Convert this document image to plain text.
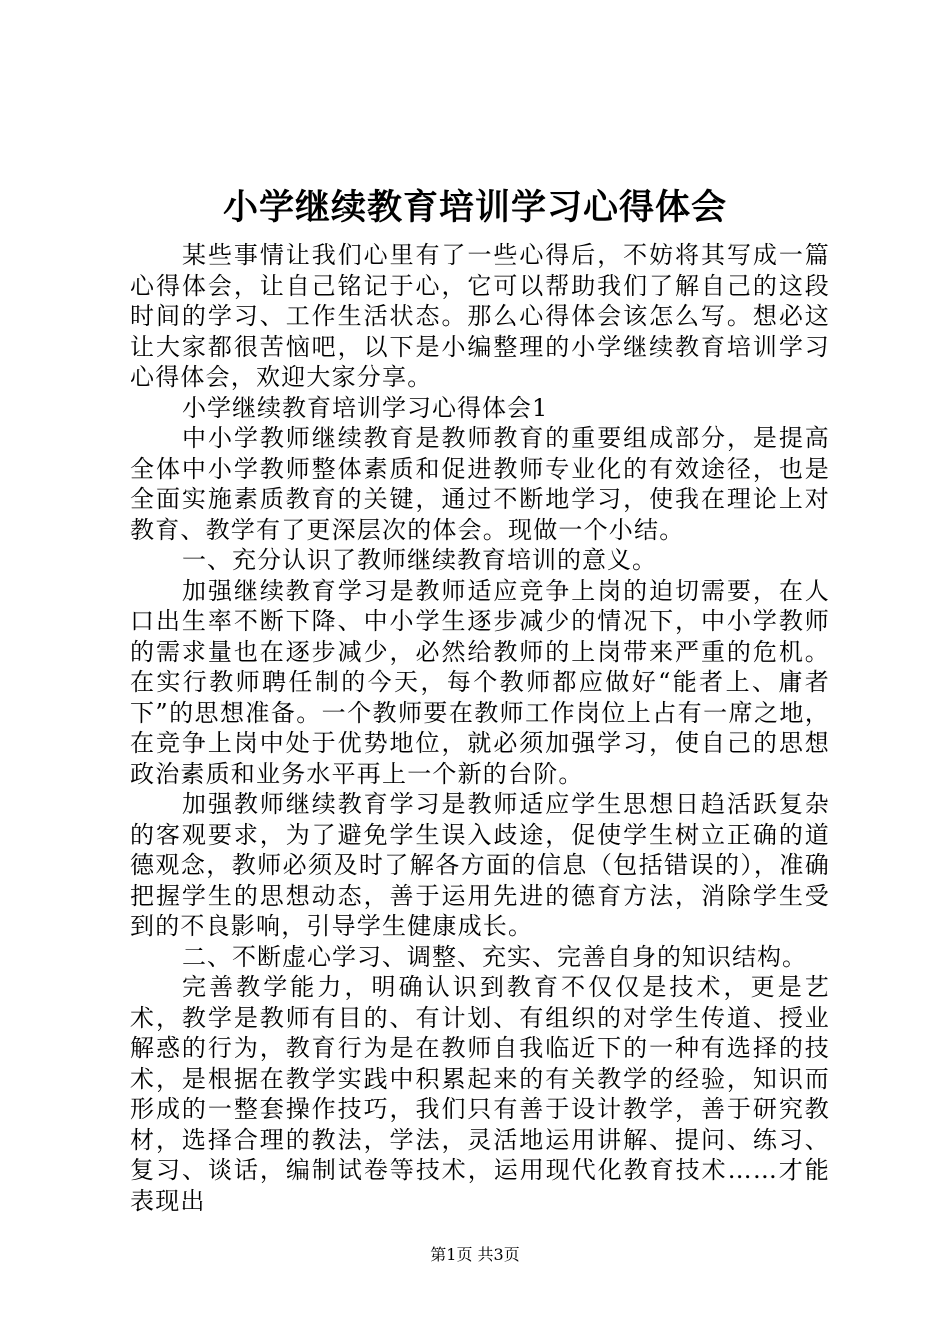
小学继续教育培训学习心得体会

某些事情让我们心里有了一些心得后，不妨将其写成一篇心得体会，让自己铭记于心，它可以帮助我们了解自己的这段时间的学习、工作生活状态。那么心得体会该怎么写。想必这让大家都很苦恼吧，以下是小编整理的小学继续教育培训学习心得体会，欢迎大家分享。

小学继续教育培训学习心得体会1

中小学教师继续教育是教师教育的重要组成部分，是提高全体中小学教师整体素质和促进教师专业化的有效途径，也是全面实施素质教育的关键，通过不断地学习，使我在理论上对教育、教学有了更深层次的体会。现做一个小结。

一、充分认识了教师继续教育培训的意义。

加强继续教育学习是教师适应竞争上岗的迫切需要，在人口出生率不断下降、中小学生逐步减少的情况下，中小学教师的需求量也在逐步减少，必然给教师的上岗带来严重的危机。在实行教师聘任制的今天，每个教师都应做好“能者上、庸者下”的思想准备。一个教师要在教师工作岗位上占有一席之地，在竞争上岗中处于优势地位，就必须加强学习，使自己的思想政治素质和业务水平再上一个新的台阶。

加强教师继续教育学习是教师适应学生思想日趋活跃复杂的客观要求，为了避免学生误入歧途，促使学生树立正确的道德观念，教师必须及时了解各方面的信息（包括错误的），准确把握学生的思想动态，善于运用先进的德育方法，消除学生受到的不良影响，引导学生健康成长。

二、不断虚心学习、调整、充实、完善自身的知识结构。

完善教学能力，明确认识到教育不仅仅是技术，更是艺术，教学是教师有目的、有计划、有组织的对学生传道、授业解惑的行为，教育行为是在教师自我临近下的一种有选择的技术，是根据在教学实践中积累起来的有关教学的经验，知识而形成的一整套操作技巧，我们只有善于设计教学，善于研究教材，选择合理的教法，学法，灵活地运用讲解、提问、练习、复习、谈话，编制试卷等技术，运用现代化教育技术……才能表现出

第1页 共3页
